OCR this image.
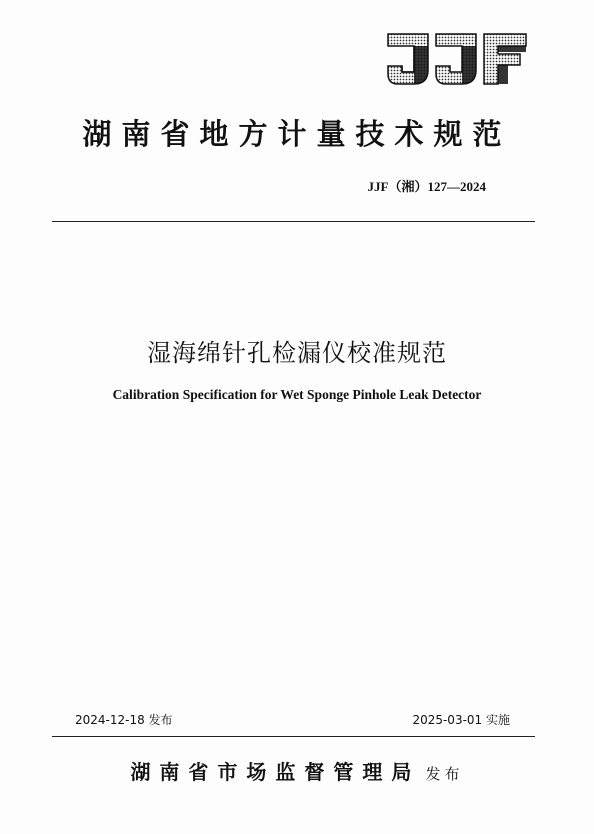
湖南省地方计量技术规范
JJF（湘）127—2024
湿海绵针孔检漏仪校准规范
Calibration Specification for Wet Sponge Pinhole Leak Detector
2024-12-18 发布	2025-03-01 实施
湖南省市场监督管理局 发布
